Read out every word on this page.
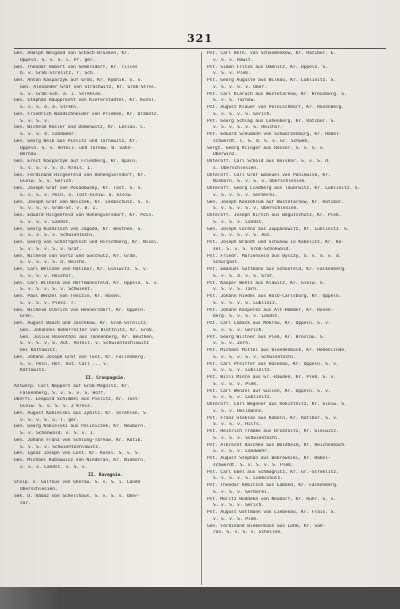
321
Gen. Adolph Weigand von Schach-Brücken, Kr.
Oppeln. S. v. S. i. Pr. ger.
Gen. Theodor Hubert von Gemersdorf, Kr. Tilles
b. v. Groß-Strelitz, r. Sch.
Gen. Anton Kasparzyk auf Groß, Kr. Rybnik. S. v.
Gen. Alexander Graf von Strachwitz, Kr. Groß-Strel.
S. v. Groß-Sch. a. i. Strehlen.
Gen. Stephan Haupprecht von Kieferstädtel, Kr. Kosel.
S. v. S. d. a. Strehl.
Gen. Friedrich Wandschneider von Prießen, Kr. Dramotz.
S. v. S. v.
Gen. Wilhelm Rösler und Damenwitz, Kr. Loslau. C.
S. v. S. d. Landwehr.
Gen. Georg Weiß aus Pielitz und Tarnowitz, Kr.
Oppeln. S. v. Anteil. und Tarnow. B. Sahn-
Bernau.
Gen. Ernst Kasparzyk auf Friedberg, Kr. Opaln.
S. v. S. v. S. d. Kreis. 1.
Gen. Ferdinand Hilgenfeld von Hohengiersdorf, Kr.
Gleiw. S. v. Gerich.
Gen. Joseph Graf von Posadowsky, Kr. Tost. S. v.
S. v. S. v. Poln. u. Tost-Gleiw. a. Gleiw.
Gen. Joseph Graf von Welczek, Kr. Leobschütz. S. v.
S. v. S. v. Groß-St. v. B. 1.
Gen. Eduard Hilgenfeld von Hohengiersdorf, Kr. Poln.
S. v. S. v. Landst.
Gen. Georg Kuzmitsch von Jagoda, Kr. Beuthen. S.
v. S. v. S. v. Schwientochl.
Gen. Georg von Schaffgotsch und Hirschberg, Kr. Nicol.
S. v. S. v. S. v. Gräf.
Gen. Wilhelm von Görtz und Goschütz, Kr. Gräb.
S. v. S. v. S. d. Reichs.
Gen. Carl Welczek von Ratibor, Kr. Gleiwitz. S. v.
S. v. S. v. Reichsr.
Gen. Carl Wilhelm von Hoffmannsfeld, Kr. Oppeln. S. v.
S. v. S. v. S. v. Schwient.
Gen. Paul Wenzel von Tenczin, Kr. Rosen.
S. v. S. v. Pless. r.
Gen. Wilhelm Ulbrich von Hennersdorf, Kr. Oppeln.
Gren.
Gen. August Bauch und Jaschkow, Kr. Groß-Strelitz.
Gen. Johannes Ueberreiter von Blottnitz, Kr. Groß.
Gen. Julius Rosenthal aus Tannenberg, Kr. Beuthen,
S. v. S. v. S. Aut. Anteil. v. Schwientochlowitz
bei Kattowitz.
Gen. Johann Joseph Graf von Tost, Kr. Fallenberg.
S. v. Poln. Hof. Aut. Carl ... v.
Kattowitz.
II. Cronpagnie.
Antwerp. Carl Neppert auf Groß-Magnitz, Kr.
Falkenberg. S. v. S. v. S. Hoff.
Oberfl. Leopold Schimmel aus Pielitz, Kr. Tost-
Gleiw. S. v. S. v. 2 Kreis.
Gen. August Kobielski aus Zybitz, Kr. Strehlen. S.
v. S. v. S. u. T. ger.
Gen. Georg Kobielski aus Poliniczek, Kr. Neuborn.
S. v. Schönwald. v. S. v. 1.
Gen. Johann Franz von Schlung-Tarnow, Kr. Ratib.
S. v. S. v. Schwientochlowitz.
Gen. Ignaz Joseph von Lost. Kr. Kosel. S. v. S.
Gen. Michael Kabauwicz von Niederan, Kr. Nieborn.
v. S. v. Landst. v. S. v.
II. Kavagnie.
Stolp. v. Galfnus von Gherau. S. v. S. i. Lande
Oberschlesien.
Sek. D. Rabaz von Schellhaus. S. v. S. v. Ober-
sar.
Pst. Carl Bern. von Schönmenkow, Kr. Ratibor. E.
v. S. v. Rawit.
Pst. Simon Fritze aus Damnitz, Kr. Oppeln. S.
v. S. v. Pleß.
Pst. Georg Auguste aus Wilkau, Kr. Lublinitz. S.
v. S. v. S. v. Ober.
Pst. Carl Klaruch aus Wüstetarnow, Kr. Kreuzburg. S.
S. v. S. Tarnow.
Pst. August Klauer von Polnischborf, Kr. Rosenberg.
S. v. S. v. S. Gerich.
Pst. Georg Schlag aus Lohenberg, Kr. Ratibor. S.
v. S. v. S. v. S. Reichsr.
Pst. Eduard Schumann von Schwarzenburg, Kr. Habel-
schwerdt. C. S. d. S. v. Gr. Schweb.
Sergt. Georg Klinger aus Rösser. S. v. S. v.
Oberwinz.
Unteroff. Carl Schold aus Reiskar. S. v. S. d.
s. Oberschlesien.
Unteroff. Carl Graf Emanuel von Poniewisk, Kr.
Nieborn. S. v. S. v. Oberschlesien.
Unteroff. Georg Lindberg aus Tauerwitz, Kr. Lublinitz. S.
v. S. v. S. v. Gerberei.
Gen. Joseph Konzehrum auf Wüstetarnow, Kr. Ratibor.
S. v. S. v. S. v. Oberschlesien.
Unteroff. Joseph Kirsch aus Bogutschütz, Kr. Pleß.
S. v. S. v. Landst.
Gen. Joseph Lorenz aus Zuppanowitz, Kr. Lublinitz. S.
v. S. v. S. v. S. Aut.
Pst. Joseph Brandt und Schünow in Kobelitz, Kr. Ko-
sel. S. v. S. Groß-Schönwald.
Pst. Friedr. Marienseld aus Bylczy, S. v. S. v. d.
Schürgast.
Pst. Emanuel Guttmann aus Schönfeld, Kr. Falkenberg.
S. v. S. d. v. S. Gräf.
Pst. Kasper Wentz aus Klawitz, Kr. Gleiw. S.
v. S. v. S. Tarn.
Pst. Johann Riedel aus Halb-Carlsburg, Kr. Oppeln.
S. v. S. v. S. Lubliniz.
Pst. Johann Kasperez aus Alt-Hammer, Kr. Rosen-
berg. S. v. S. v. Landst.
Pst. Carl Lomack aus Mokrau, Kr. Oppeln. S. v.
S. v. S. v. Gerich.
Pst. Georg Wiltner aus Pleß, Kr. Breslau. S.
v. S. v. Zern.
Pst. Michael Mittel aus Biendenbuck, Kr. Hohenlinde.
S. v. S. v. S. v. Schwientochl.
Pst. Carl Pfeiffer aus Hasenau, Kr. Oppeln. S. v.
S. v. S. v. Lublinitz.
Pst. Willi Minte aus Gr.-Rauden, Kr. Pleß. S. v.
S. v. S. v. Pleß.
Pst. Carl Wenzel auf Gulien, Kr. Oppeln. S. v.
S. v. S. v. Lublinitz.
Unteroff. Carl Wegener aus Rokittnitz, Kr. Gleiw. S.
v. S. v. Heilmanns.
Pst. Franz Stoklas aus Kobeln, Kr. Ratibor. S. v.
S. v. S. v. Hilfs.
Pst. Heinrich Tramke aus Brzeznitz, Kr. Gleiwitz.
S. v. S. v. Schwientochl.
Pst. Albrecht Raschke aus Waldheim, Kr. Reichenbach.
S. v. S. v. Landwehr.
Pst. August Stephan aus Bobrowniki, Kr. Habel-
schwerdt. S. v. S. v. S. Pleß.
Pst. Carl Ebel aus Schmögnitz, Kr. Gr.-Strehlitz.
S. v. S. v. S. Loebschütz.
Pst. Theodor Rebitsch aus Laband, Kr. Falkenberg.
S. v. S. v. Gerberei.
Pst. Moritz Buddeke von Neudorf, Kr. Ruhr. S. v.
S. v. S. v. Gerich.
Pst. August Gottmann von Liebenau, Kr. Frais. S.
v. S. v. S. Pleß.
Gen. Ferdinand Biebermann aus Lehm, Kr. Sah-
ran. S. v. S. v. Schellen.
